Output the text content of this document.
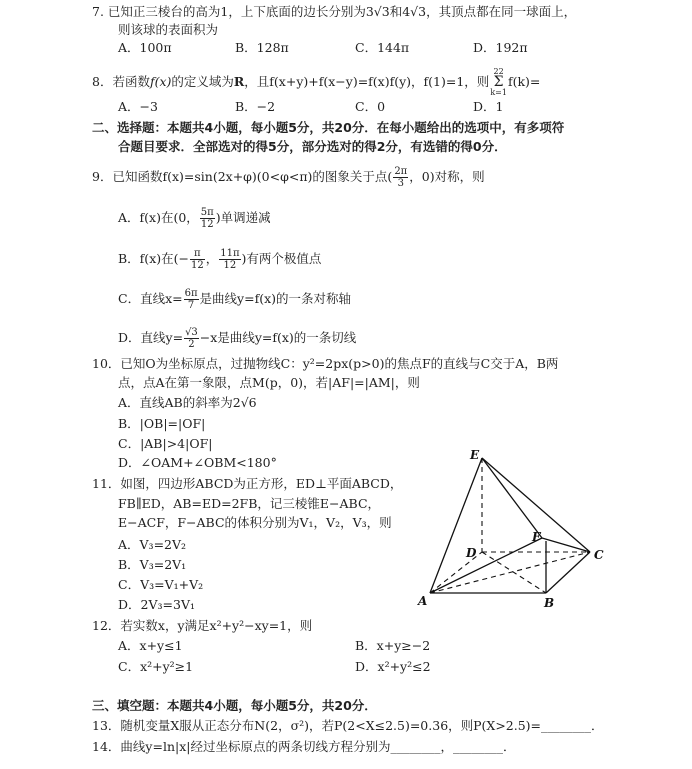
7. 已知正三棱台的高为1，上下底面的边长分别为3√3和4√3，其顶点都在同一球面上，
则该球的表面积为
A．100π	B．128π	C．144π	D．192π
8．若函数f(x)的定义域为R，且f(x+y)+f(x−y)=f(x)f(y)，f(1)=1，则22
Σ
k=1f(k)=
A．−3	B．−2	C．0	D．1
二、选择题：本题共4小题，每小题5分，共20分．在每小题给出的选项中，有多项符
合题目要求．全部选对的得5分，部分选对的得2分，有选错的得0分．
9．已知函数f(x)=sin(2x+φ)(0<φ<π)的图象关于点( $\frac{2\pi}{3}$ ，0)对称，则
A．f(x)在(0， $\frac{5\pi}{12}$ )单调递减
B．f(x)在(− $\frac{\pi}{12}$ ， $\frac{11\pi}{12}$ )有两个极值点
C．直线$x= \frac{6\pi}{7}$ 是曲线y=f(x)的一条对称轴
D．直线$y= \frac{√3}{2} -x$是曲线y=f(x)的一条切线
10．已知O为坐标原点，过抛物线C：y²=2px(p>0)的焦点F的直线与C交于A，B两
点，点A在第一象限，点M(p，0)，若|AF|=|AM|，则
A．直线AB的斜率为2√6
B．|OB|=|OF|
C．|AB|>4|OF|
D．∠OAM+∠OBM<180°
11．如图，四边形ABCD为正方形，ED⊥平面ABCD，
FB∥ED，AB=ED=2FB，记三棱锥E−ABC，
E−ACF，F−ABC的体积分别为V₁，V₂，V₃，则
A．V₃=2V₂
B．V₃=2V₁
C．V₃=V₁+V₂
D．2V₃=3V₁
E
F
D	C
A	B
12．若实数x，y满足x²+y²−xy=1，则
A．x+y≤1	B．x+y≥−2
C．x²+y²≥1	D．x²+y²≤2
三、填空题：本题共4小题，每小题5分，共20分．
13．随机变量X服从正态分布N(2，σ²)，若P(2<X≤2.5)=0.36，则P(X>2.5)=________．
14．曲线y=ln|x|经过坐标原点的两条切线方程分别为________，________．
